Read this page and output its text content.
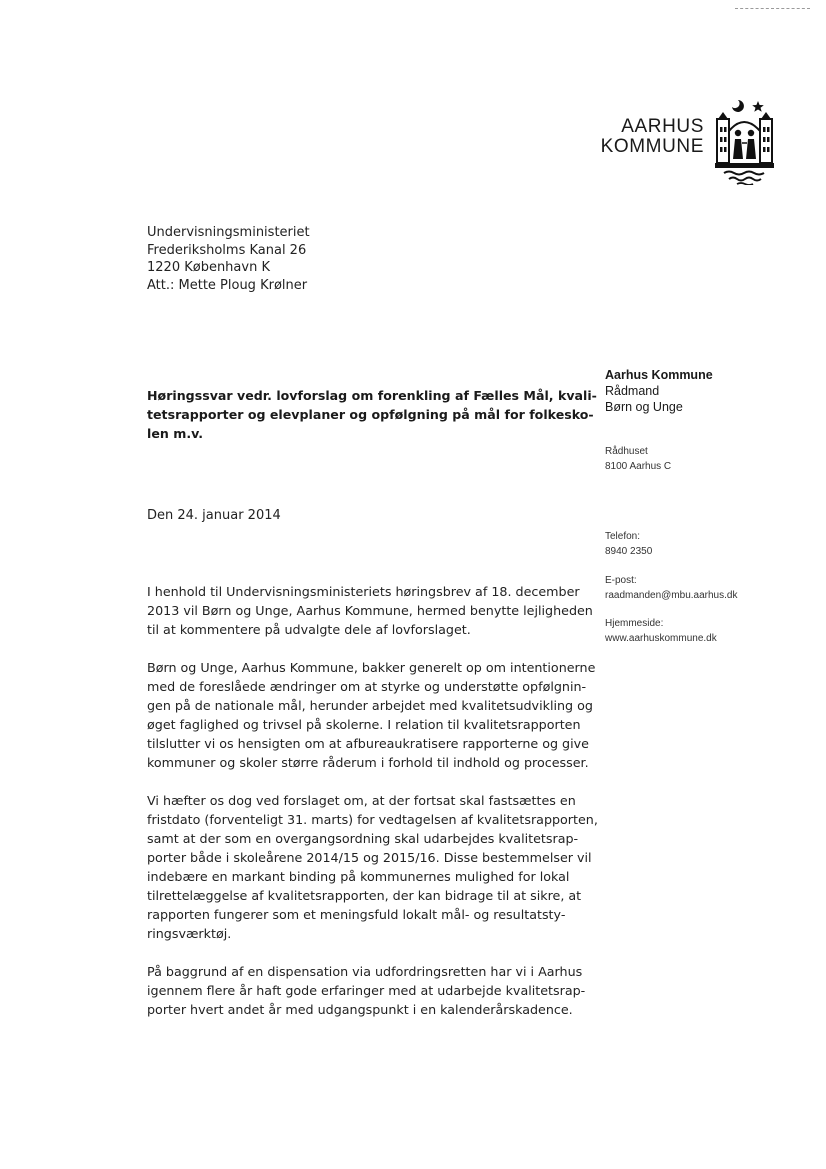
AARHUS
KOMMUNE
Undervisningsministeriet
Frederiksholms Kanal 26
1220 København K
Att.: Mette Ploug Krølner
Høringssvar vedr. lovforslag om forenkling af Fælles Mål, kvali-
tetsrapporter og elevplaner og opfølgning på mål for folkesko-
len m.v.
Den 24. januar 2014

I henhold til Undervisningsministeriets høringsbrev af 18. december
2013 vil Børn og Unge, Aarhus Kommune, hermed benytte lejligheden
til at kommentere på udvalgte dele af lovforslaget.

Børn og Unge, Aarhus Kommune, bakker generelt op om intentionerne
med de foreslåede ændringer om at styrke og understøtte opfølgnin-
gen på de nationale mål, herunder arbejdet med kvalitetsudvikling og
øget faglighed og trivsel på skolerne. I relation til kvalitetsrapporten
tilslutter vi os hensigten om at afbureaukratisere rapporterne og give
kommuner og skoler større råderum i forhold til indhold og processer.

Vi hæfter os dog ved forslaget om, at der fortsat skal fastsættes en
fristdato (forventeligt 31. marts) for vedtagelsen af kvalitetsrapporten,
samt at der som en overgangsordning skal udarbejdes kvalitetsrap-
porter både i skoleårene 2014/15 og 2015/16. Disse bestemmelser vil
indebære en markant binding på kommunernes mulighed for lokal
tilrettelæggelse af kvalitetsrapporten, der kan bidrage til at sikre, at
rapporten fungerer som et meningsfuld lokalt mål- og resultatsty-
ringsværktøj.

På baggrund af en dispensation via udfordringsretten har vi i Aarhus
igennem flere år haft gode erfaringer med at udarbejde kvalitetsrap-
porter hvert andet år med udgangspunkt i en kalenderårskadence.

Aarhus Kommune
Rådmand
Børn og Unge
Rådhuset
8100 Aarhus C
Telefon:
8940 2350
E-post:
raadmanden@mbu.aarhus.dk
Hjemmeside:
www.aarhuskommune.dk
